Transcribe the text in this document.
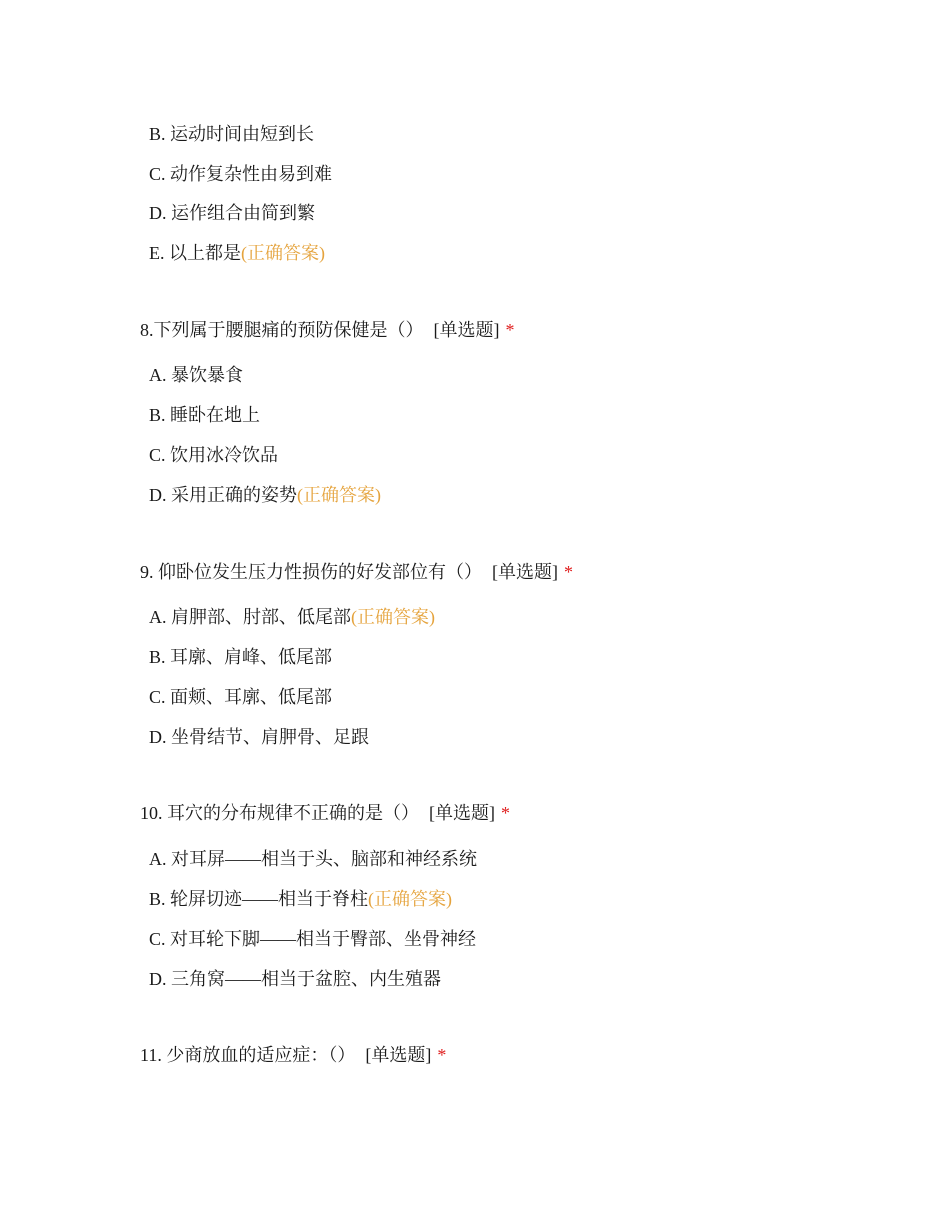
B. 运动时间由短到长
C. 动作复杂性由易到难
D. 运作组合由简到繁
E. 以上都是(正确答案)
8.下列属于腰腿痛的预防保健是（） [单选题] *
A. 暴饮暴食
B. 睡卧在地上
C. 饮用冰冷饮品
D. 采用正确的姿势(正确答案)
9. 仰卧位发生压力性损伤的好发部位有（） [单选题] *
A. 肩胛部、肘部、低尾部(正确答案)
B. 耳廓、肩峰、低尾部
C. 面颊、耳廓、低尾部
D. 坐骨结节、肩胛骨、足跟
10. 耳穴的分布规律不正确的是（） [单选题] *
A. 对耳屏——相当于头、脑部和神经系统
B. 轮屏切迹——相当于脊柱(正确答案)
C. 对耳轮下脚——相当于臀部、坐骨神经
D. 三角窝——相当于盆腔、内生殖器
11. 少商放血的适应症：（） [单选题] *
